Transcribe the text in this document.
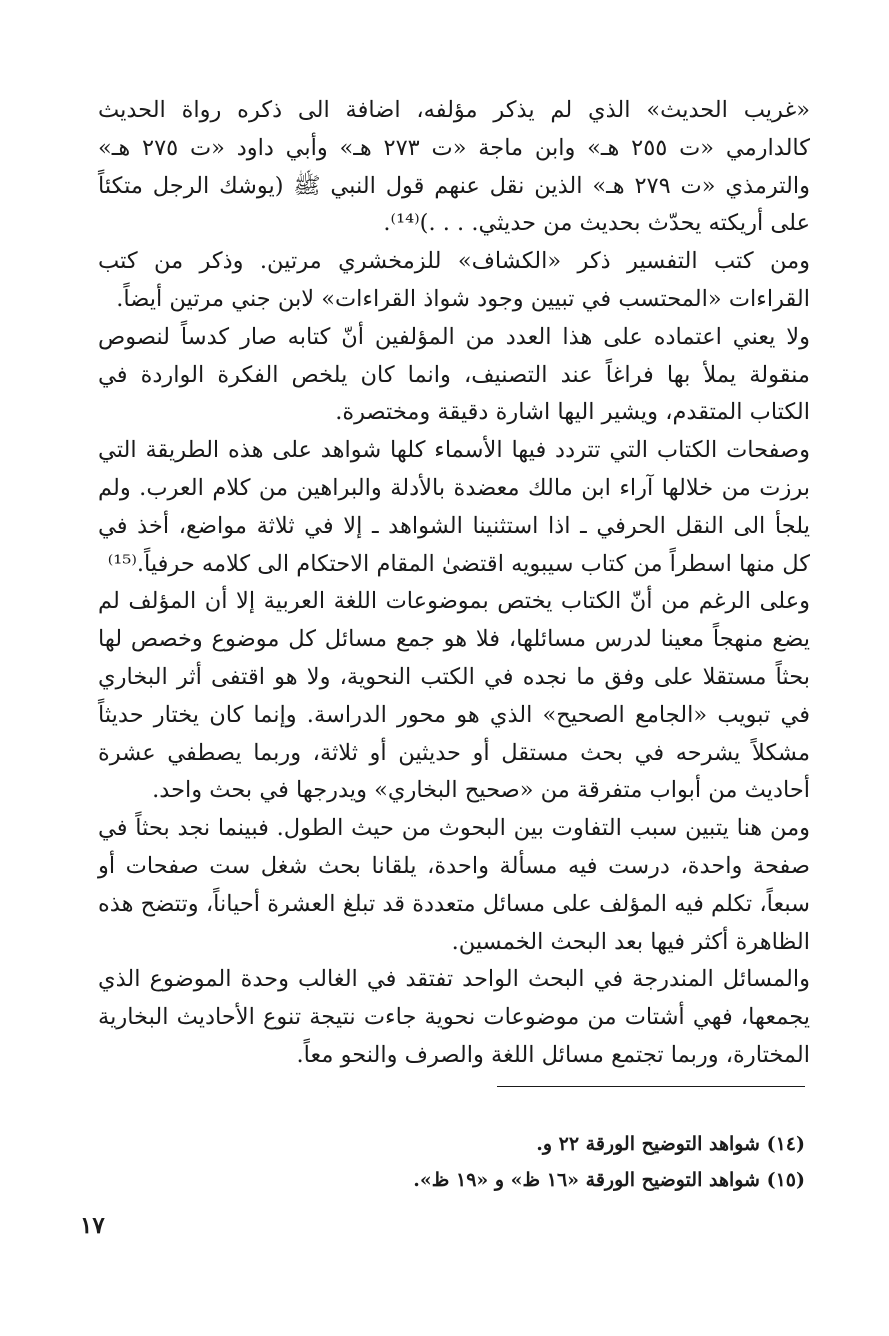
«غريب الحديث» الذي لم يذكر مؤلفه، اضافة الى ذكره رواة الحديث كالدارمي «ت ٢٥٥ هـ» وابن ماجة «ت ٢٧٣ هـ» وأبي داود «ت ٢٧٥ هـ» والترمذي «ت ٢٧٩ هـ» الذين نقل عنهم قول النبي ﷺ (يوشك الرجل متكئاً على أريكته يحدّث بحديث من حديثي. . . .)⁽¹⁴⁾.

ومن كتب التفسير ذكر «الكشاف» للزمخشري مرتين. وذكر من كتب القراءات «المحتسب في تبيين وجود شواذ القراءات» لابن جني مرتين أيضاً.

ولا يعني اعتماده على هذا العدد من المؤلفين أنّ كتابه صار كدساً لنصوص منقولة يملأ بها فراغاً عند التصنيف، وانما كان يلخص الفكرة الواردة في الكتاب المتقدم، ويشير اليها اشارة دقيقة ومختصرة.

وصفحات الكتاب التي تتردد فيها الأسماء كلها شواهد على هذه الطريقة التي برزت من خلالها آراء ابن مالك معضدة بالأدلة والبراهين من كلام العرب. ولم يلجأ الى النقل الحرفي ـ اذا استثنينا الشواهد ـ إلا في ثلاثة مواضع، أخذ في كل منها اسطراً من كتاب سيبويه اقتضىٰ المقام الاحتكام الى كلامه حرفياً.⁽¹⁵⁾

وعلى الرغم من أنّ الكتاب يختص بموضوعات اللغة العربية إلا أن المؤلف لم يضع منهجاً معينا لدرس مسائلها، فلا هو جمع مسائل كل موضوع وخصص لها بحثاً مستقلا على وفق ما نجده في الكتب النحوية، ولا هو اقتفى أثر البخاري في تبويب «الجامع الصحيح» الذي هو محور الدراسة. وإنما كان يختار حديثاً مشكلاً يشرحه في بحث مستقل أو حديثين أو ثلاثة، وربما يصطفي عشرة أحاديث من أبواب متفرقة من «صحيح البخاري» ويدرجها في بحث واحد.

ومن هنا يتبين سبب التفاوت بين البحوث من حيث الطول. فبينما نجد بحثاً في صفحة واحدة، درست فيه مسألة واحدة، يلقانا بحث شغل ست صفحات أو سبعاً، تكلم فيه المؤلف على مسائل متعددة قد تبلغ العشرة أحياناً، وتتضح هذه الظاهرة أكثر فيها بعد البحث الخمسين.

والمسائل المندرجة في البحث الواحد تفتقد في الغالب وحدة الموضوع الذي يجمعها، فهي أشتات من موضوعات نحوية جاءت نتيجة تنوع الأحاديث البخارية المختارة، وربما تجتمع مسائل اللغة والصرف والنحو معاً.

(١٤) شواهد التوضيح الورقة ٢٢ و.

(١٥) شواهد التوضيح الورقة «١٦ ظ» و «١٩ ظ».

١٧
